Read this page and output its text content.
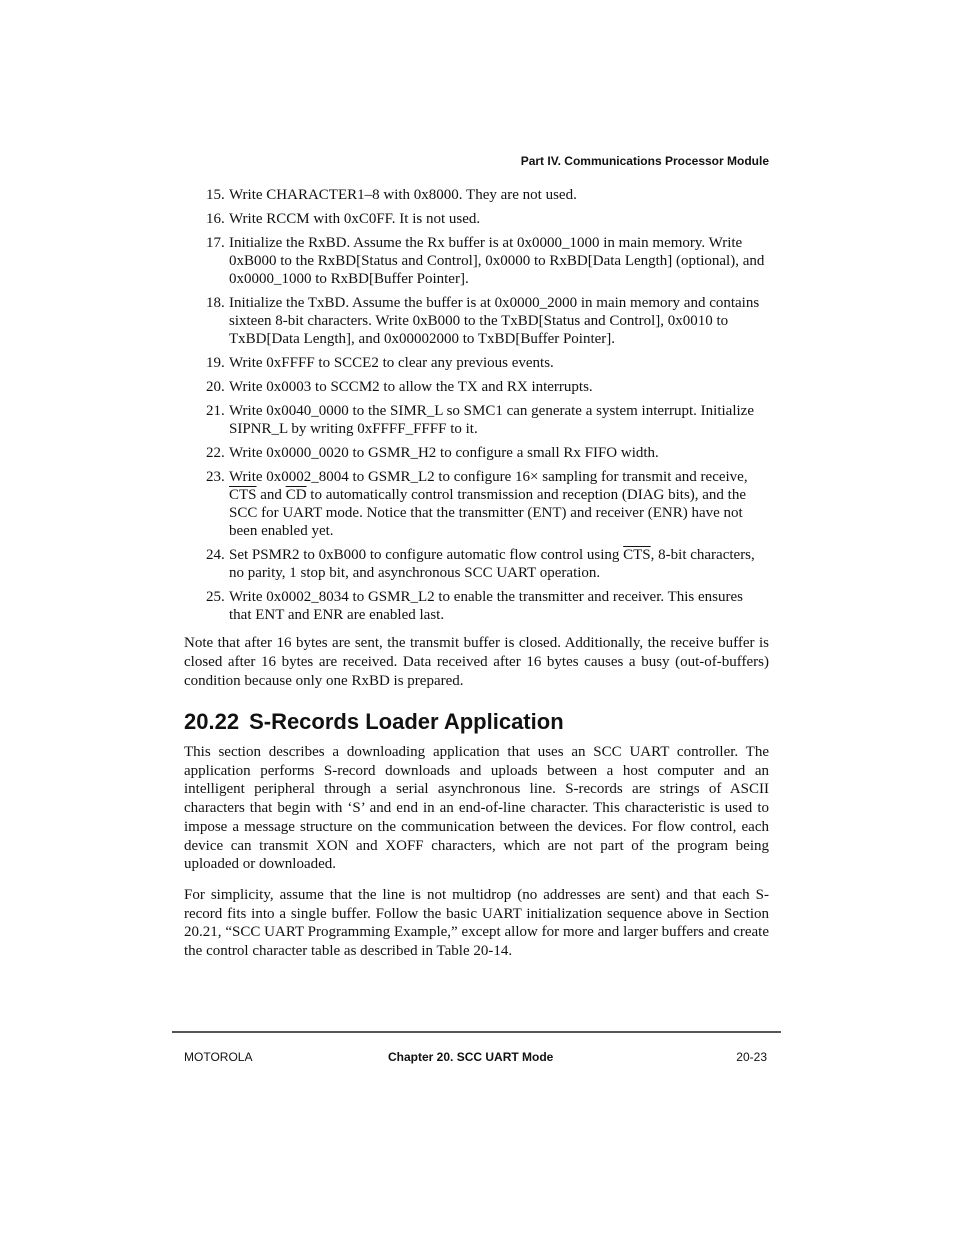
Part IV. Communications Processor Module
15. Write CHARACTER1–8 with 0x8000. They are not used.
16. Write RCCM with 0xC0FF. It is not used.
17. Initialize the RxBD. Assume the Rx buffer is at 0x0000_1000 in main memory. Write 0xB000 to the RxBD[Status and Control], 0x0000 to RxBD[Data Length] (optional), and 0x0000_1000 to RxBD[Buffer Pointer].
18. Initialize the TxBD. Assume the buffer is at 0x0000_2000 in main memory and contains sixteen 8-bit characters. Write 0xB000 to the TxBD[Status and Control], 0x0010 to TxBD[Data Length], and 0x00002000 to TxBD[Buffer Pointer].
19. Write 0xFFFF to SCCE2 to clear any previous events.
20. Write 0x0003 to SCCM2 to allow the TX and RX interrupts.
21. Write 0x0040_0000 to the SIMR_L so SMC1 can generate a system interrupt. Initialize SIPNR_L by writing 0xFFFF_FFFF to it.
22. Write 0x0000_0020 to GSMR_H2 to configure a small Rx FIFO width.
23. Write 0x0002_8004 to GSMR_L2 to configure 16× sampling for transmit and receive, $\overline{CTS}$ and $\overline{CD}$ to automatically control transmission and reception (DIAG bits), and the SCC for UART mode. Notice that the transmitter (ENT) and receiver (ENR) have not been enabled yet.
24. Set PSMR2 to 0xB000 to configure automatic flow control using $\overline{CTS}$, 8-bit characters, no parity, 1 stop bit, and asynchronous SCC UART operation.
25. Write 0x0002_8034 to GSMR_L2 to enable the transmitter and receiver. This ensures that ENT and ENR are enabled last.

Note that after 16 bytes are sent, the transmit buffer is closed. Additionally, the receive buffer is closed after 16 bytes are received. Data received after 16 bytes causes a busy (out-of-buffers) condition because only one RxBD is prepared.

20.22 S-Records Loader Application

This section describes a downloading application that uses an SCC UART controller. The application performs S-record downloads and uploads between a host computer and an intelligent peripheral through a serial asynchronous line. S-records are strings of ASCII characters that begin with ‘S’ and end in an end-of-line character. This characteristic is used to impose a message structure on the communication between the devices. For flow control, each device can transmit XON and XOFF characters, which are not part of the program being uploaded or downloaded.

For simplicity, assume that the line is not multidrop (no addresses are sent) and that each S-record fits into a single buffer. Follow the basic UART initialization sequence above in Section 20.21, “SCC UART Programming Example,” except allow for more and larger buffers and create the control character table as described in Table 20-14.

MOTOROLA	Chapter 20. SCC UART Mode	20-23
